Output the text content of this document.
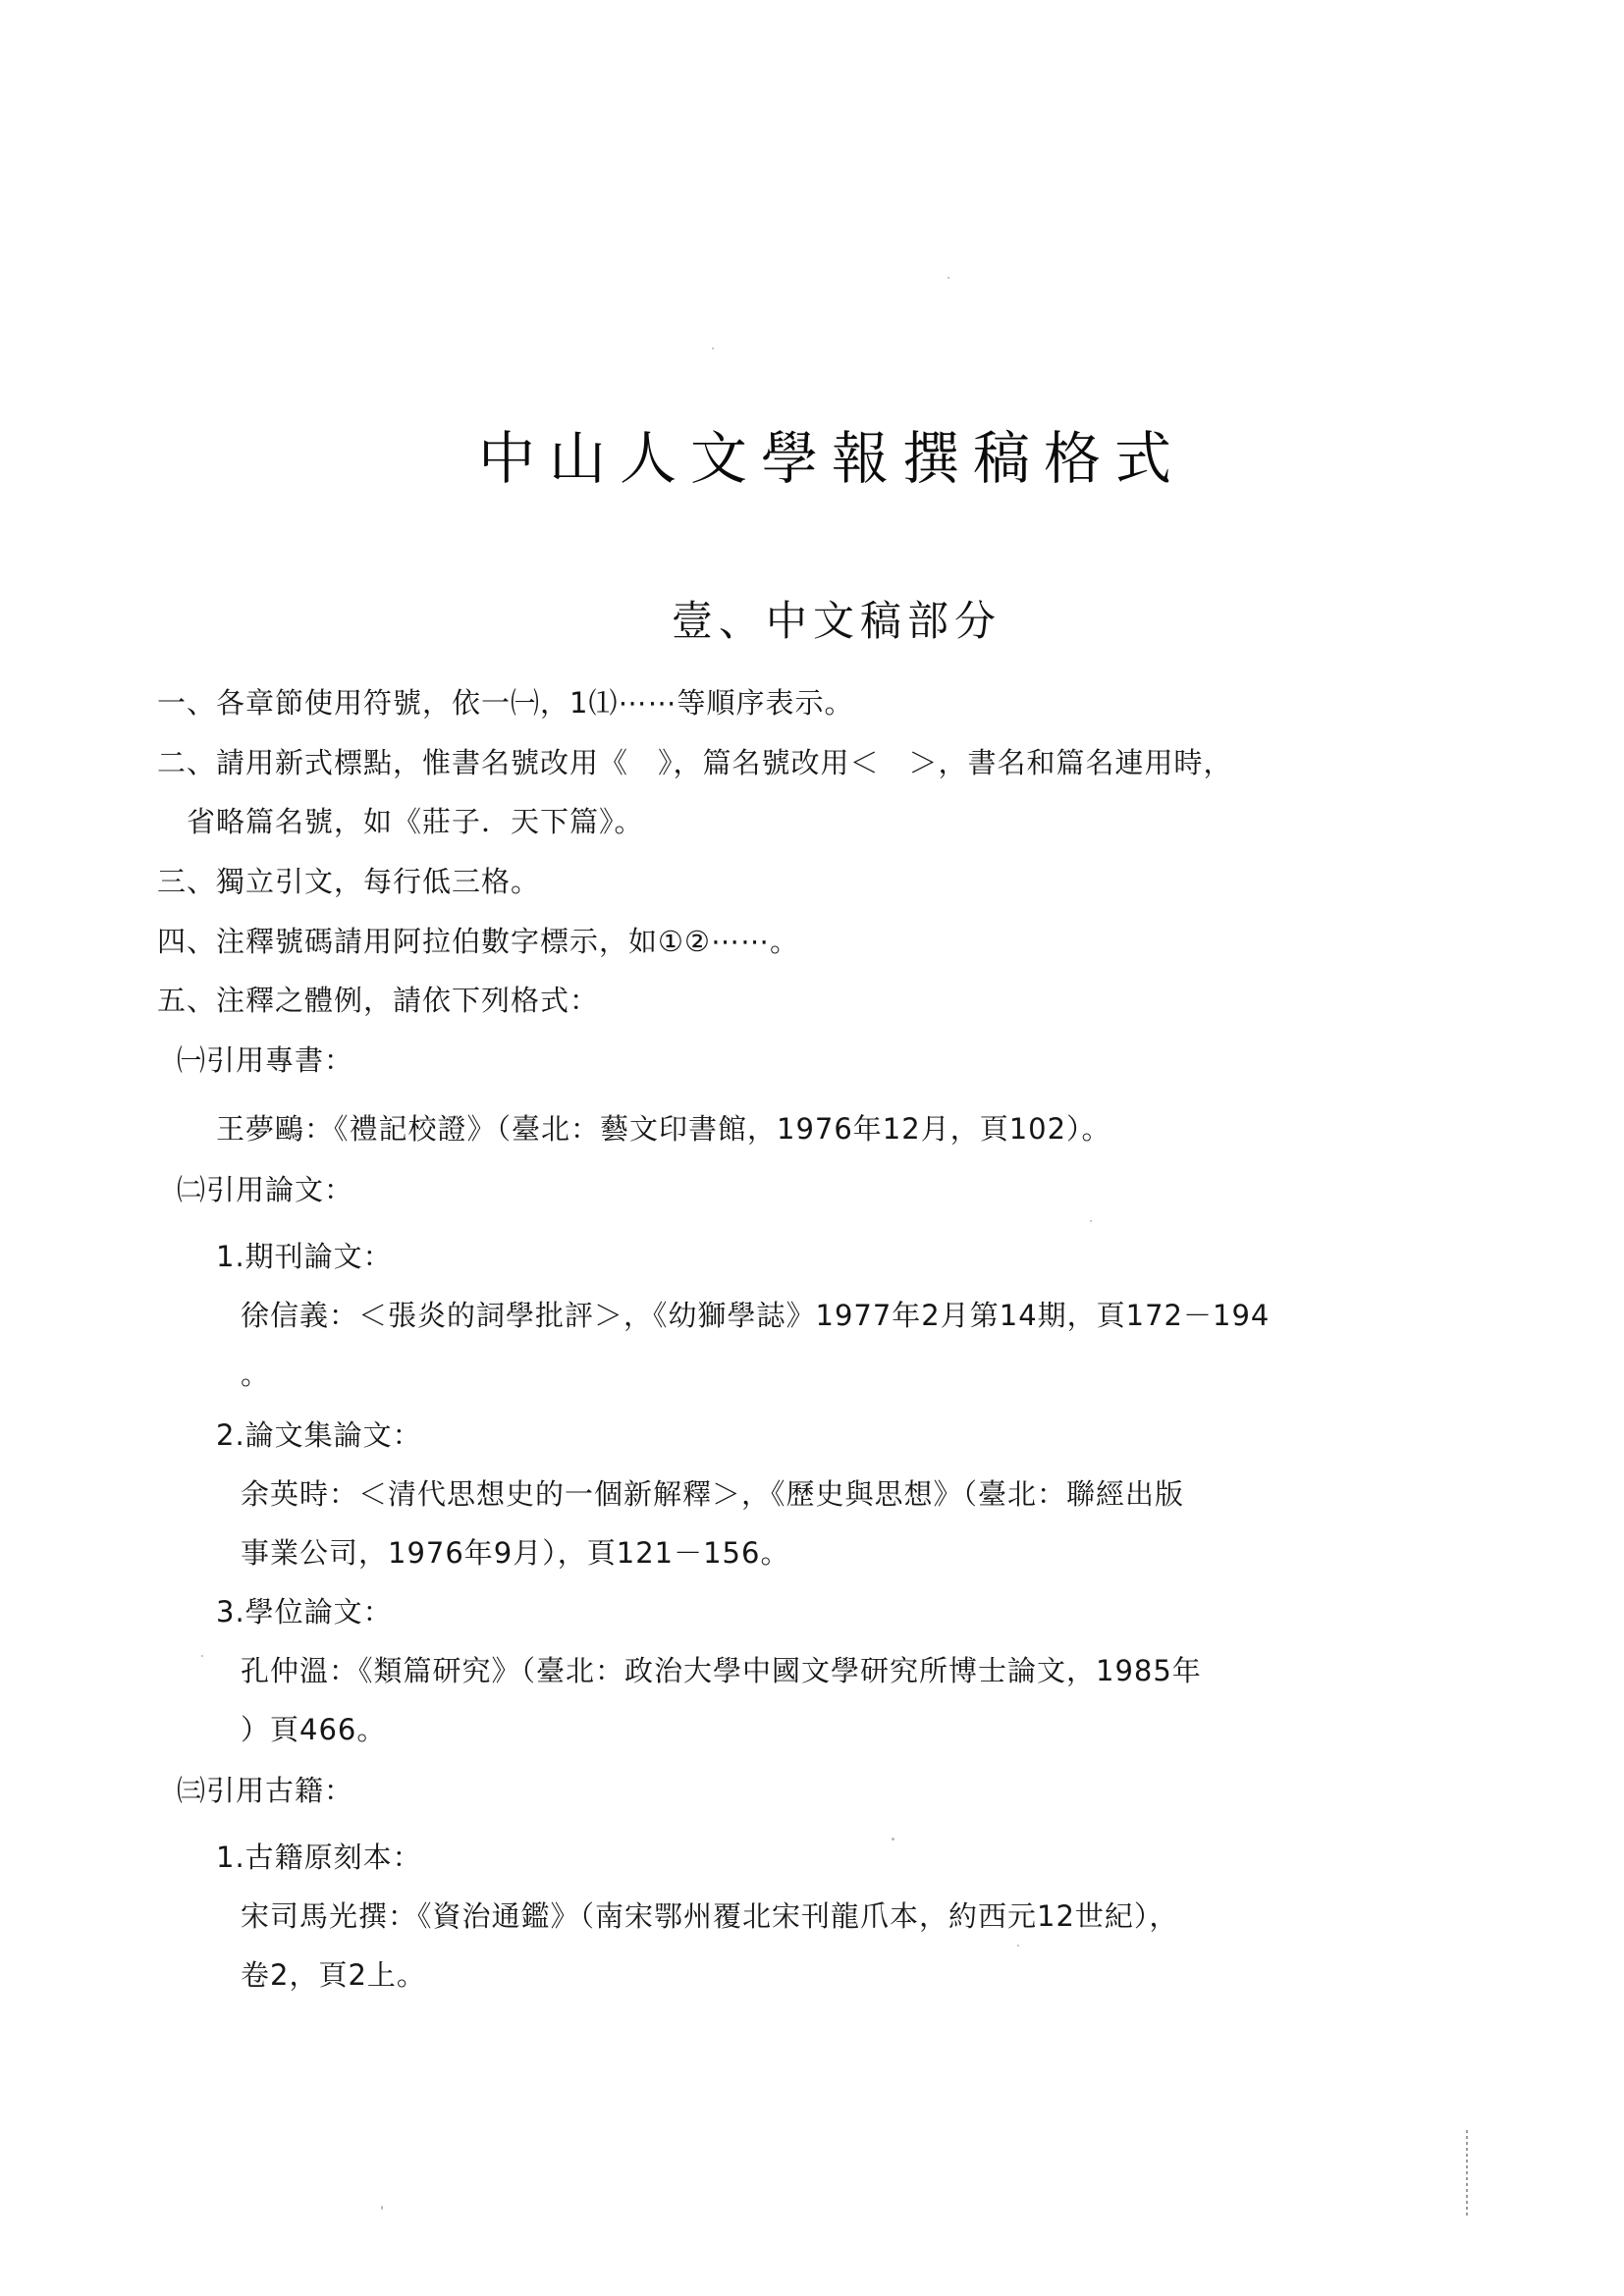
中山人文學報撰稿格式
壹、中文稿部分
一、各章節使用符號，依一㈠，1⑴⋯⋯等順序表示。
二、請用新式標點，惟書名號改用《　》，篇名號改用＜　＞，書名和篇名連用時，
省略篇名號，如《莊子．天下篇》。
三、獨立引文，每行低三格。
四、注釋號碼請用阿拉伯數字標示，如①②⋯⋯。
五、注釋之體例，請依下列格式：
㈠引用專書：
王夢鷗：《禮記校證》（臺北：藝文印書館，1976年12月，頁102）。
㈡引用論文：
1.期刊論文：
徐信義：＜張炎的詞學批評＞，《幼獅學誌》1977年2月第14期，頁172－194
。
2.論文集論文：
余英時：＜清代思想史的一個新解釋＞，《歷史與思想》（臺北：聯經出版
事業公司，1976年9月），頁121－156。
3.學位論文：
孔仲溫：《類篇研究》（臺北：政治大學中國文學研究所博士論文，1985年
）頁466。
㈢引用古籍：
1.古籍原刻本：
宋司馬光撰：《資治通鑑》（南宋鄂州覆北宋刊龍爪本，約西元12世紀），
卷2，頁2上。
